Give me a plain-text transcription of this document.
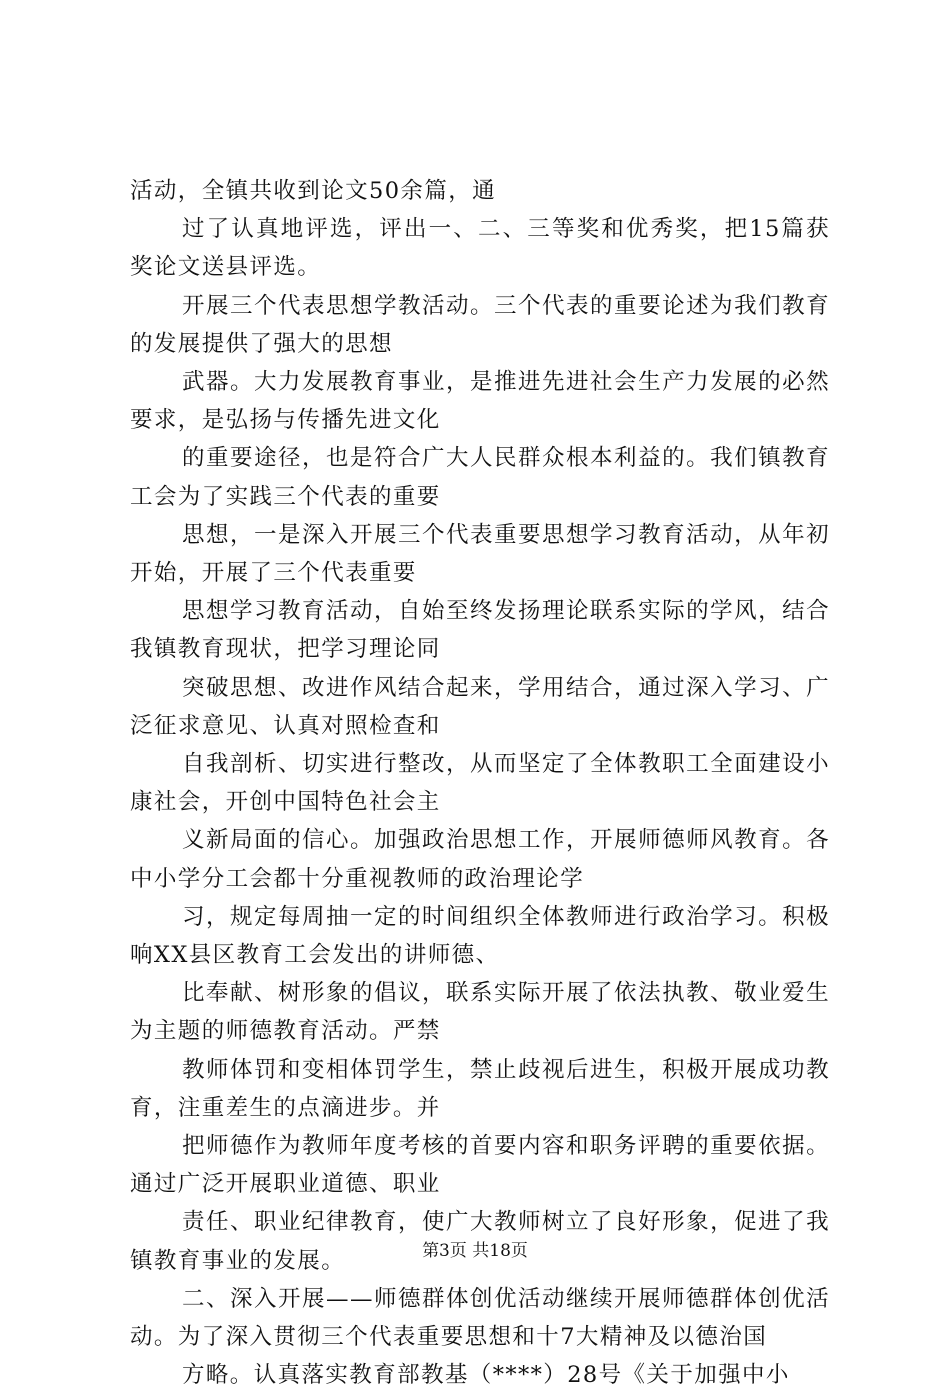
活动，全镇共收到论文50余篇，通

过了认真地评选，评出一、二、三等奖和优秀奖，把15篇获奖论文送县评选。

开展三个代表思想学教活动。三个代表的重要论述为我们教育的发展提供了强大的思想

武器。大力发展教育事业，是推进先进社会生产力发展的必然要求，是弘扬与传播先进文化

的重要途径，也是符合广大人民群众根本利益的。我们镇教育工会为了实践三个代表的重要

思想，一是深入开展三个代表重要思想学习教育活动，从年初开始，开展了三个代表重要

思想学习教育活动，自始至终发扬理论联系实际的学风，结合我镇教育现状，把学习理论同

突破思想、改进作风结合起来，学用结合，通过深入学习、广泛征求意见、认真对照检查和

自我剖析、切实进行整改，从而坚定了全体教职工全面建设小康社会，开创中国特色社会主

义新局面的信心。加强政治思想工作，开展师德师风教育。各中小学分工会都十分重视教师的政治理论学

习，规定每周抽一定的时间组织全体教师进行政治学习。积极响XX县区教育工会发出的讲师德、

比奉献、树形象的倡议，联系实际开展了依法执教、敬业爱生为主题的师德教育活动。严禁

教师体罚和变相体罚学生，禁止歧视后进生，积极开展成功教育，注重差生的点滴进步。并

把师德作为教师年度考核的首要内容和职务评聘的重要依据。通过广泛开展职业道德、职业

责任、职业纪律教育，使广大教师树立了良好形象，促进了我镇教育事业的发展。

二、深入开展——师德群体创优活动继续开展师德群体创优活动。为了深入贯彻三个代表重要思想和十7大精神及以德治国

方略。认真落实教育部教基（****）28号《关于加强中小

第3页 共18页
